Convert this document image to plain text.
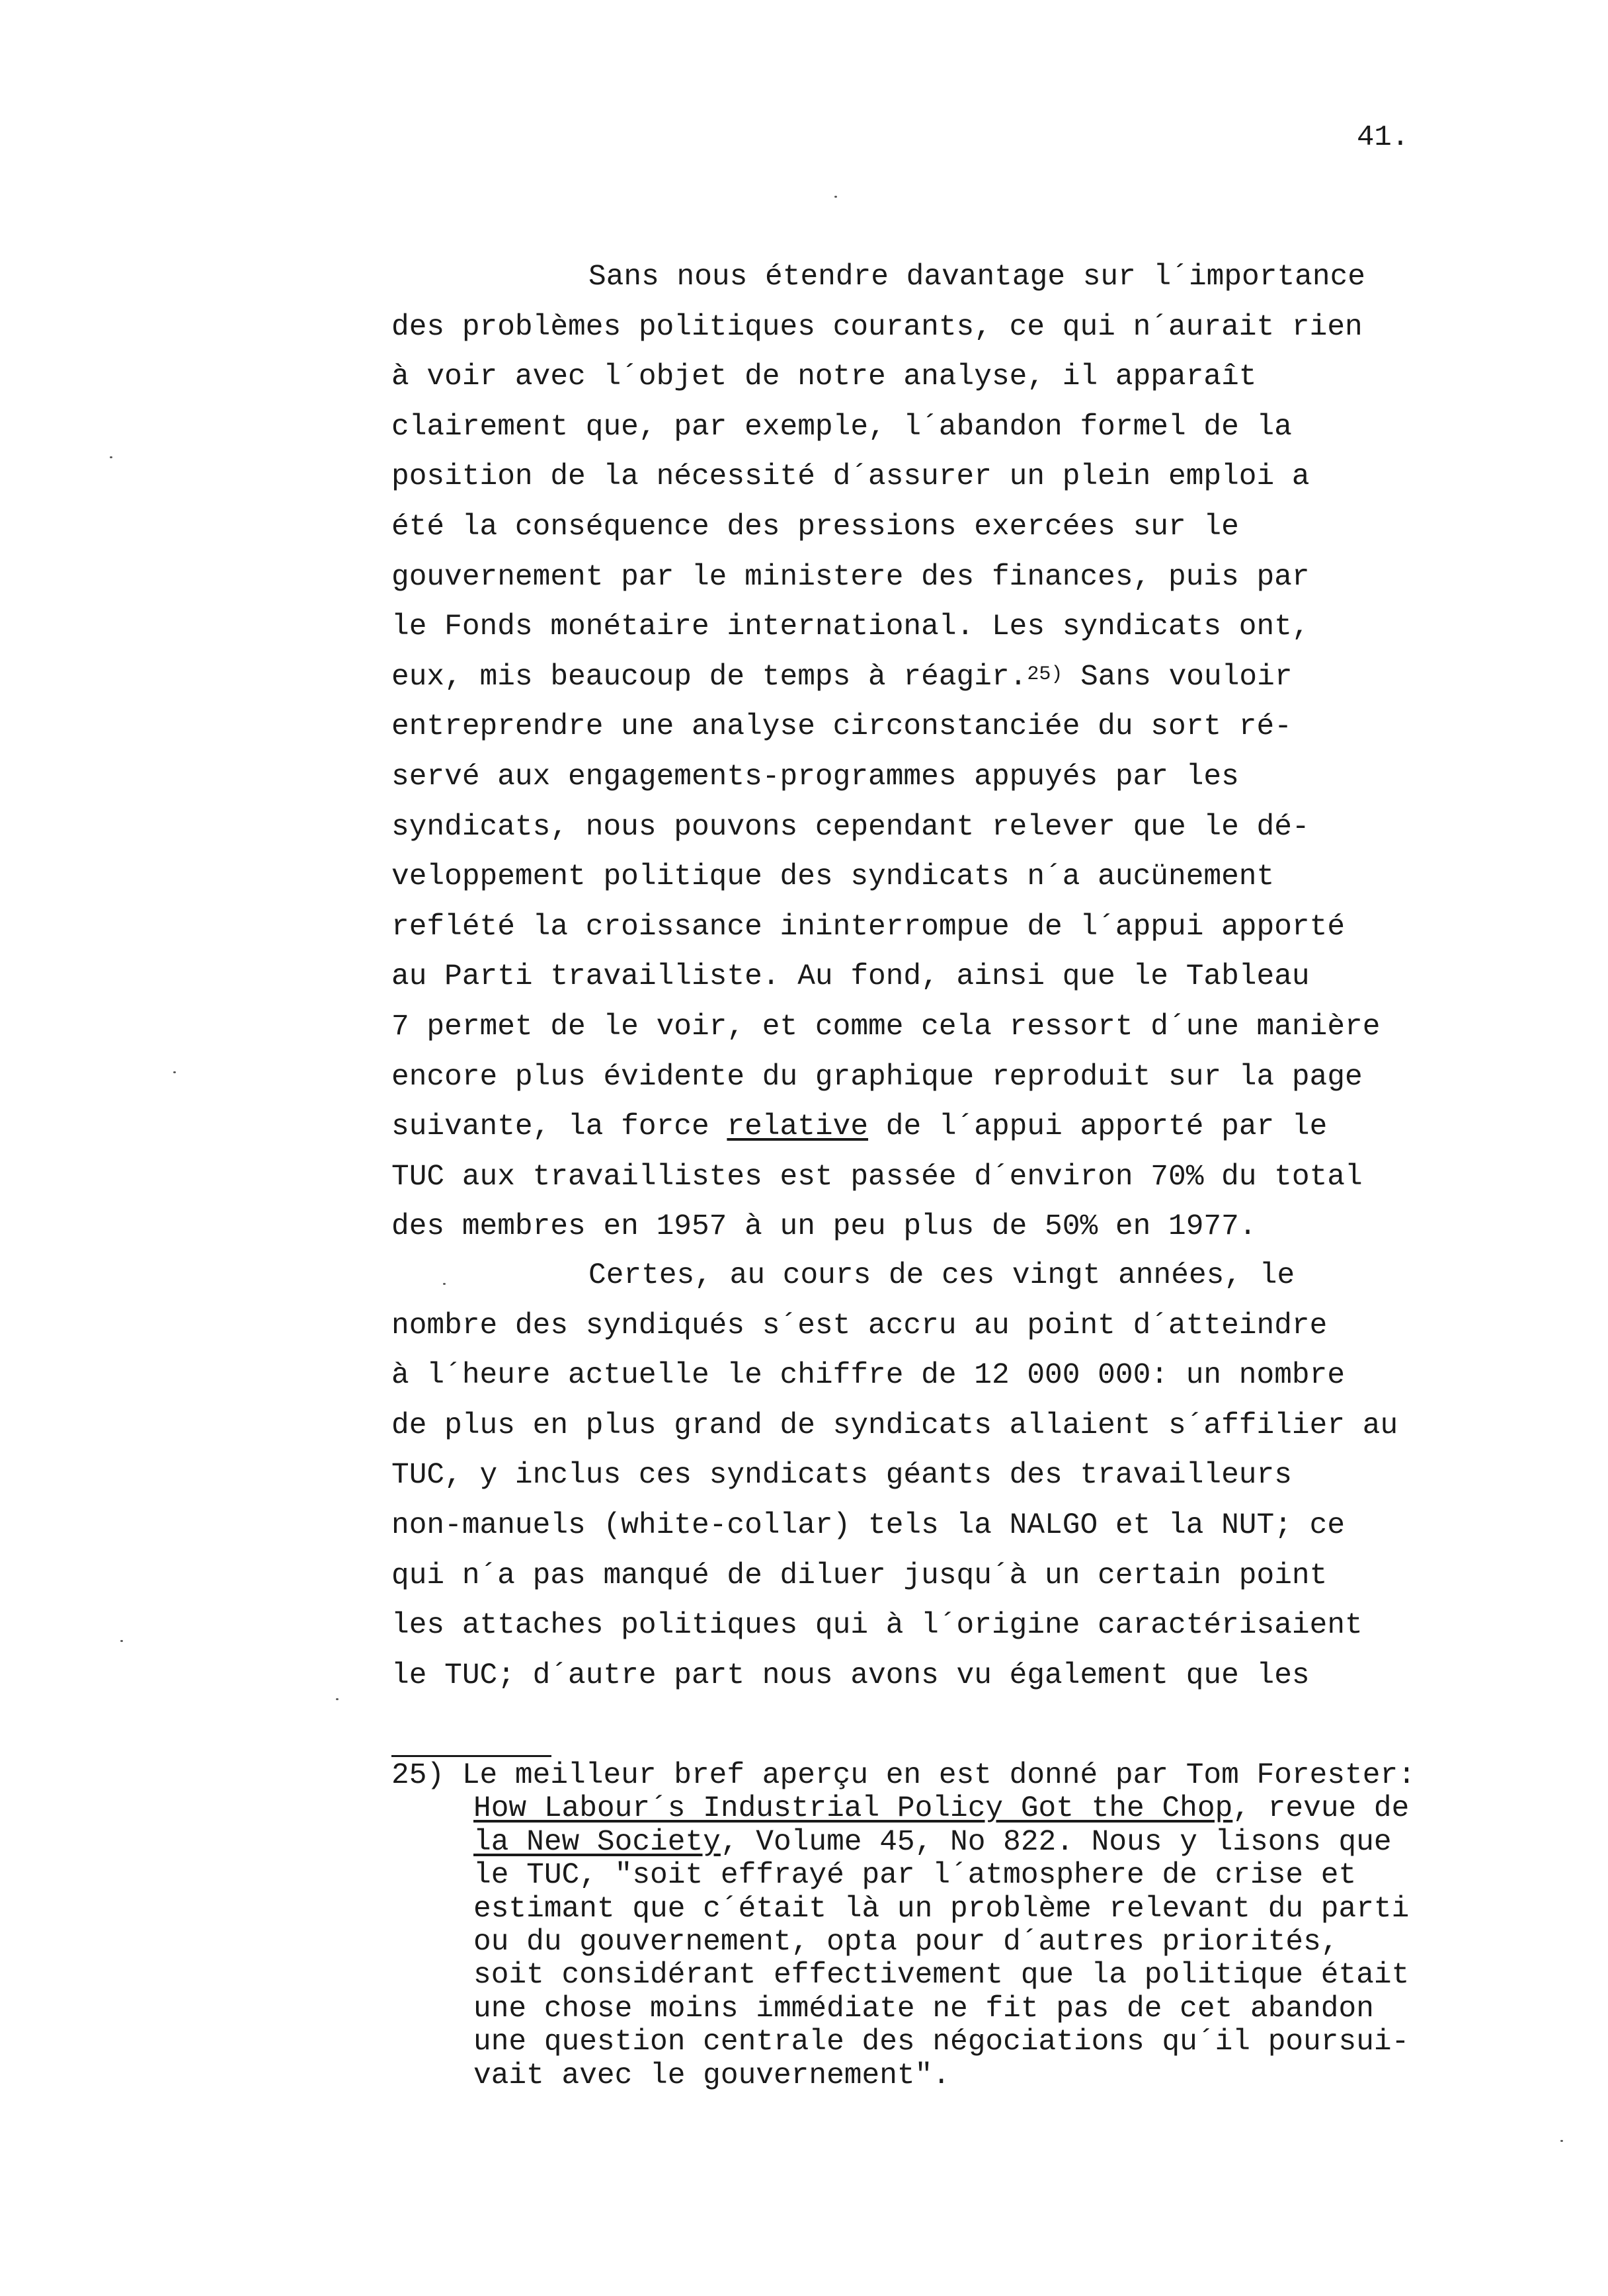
41.
Sans nous étendre davantage sur l´importance
des problèmes politiques courants, ce qui n´aurait rien
à voir avec l´objet de notre analyse, il apparaît
clairement que, par exemple, l´abandon formel de la
position de la nécessité d´assurer un plein emploi a
été la conséquence des pressions exercées sur le
gouvernement par le ministere des finances, puis par
le Fonds monétaire international. Les syndicats ont,
eux, mis beaucoup de temps à réagir.$^{25)}$ Sans vouloir
entreprendre une analyse circonstanciée du sort ré-
servé aux engagements-programmes appuyés par les
syndicats, nous pouvons cependant relever que le dé-
veloppement politique des syndicats n´a aucünement
reflété la croissance ininterrompue de l´appui apporté
au Parti travailliste. Au fond, ainsi que le Tableau
7 permet de le voir, et comme cela ressort d´une manière
encore plus évidente du graphique reproduit sur la page
suivante, la force relative de l´appui apporté par le
TUC aux travaillistes est passée d´environ 70% du total
des membres en 1957 à un peu plus de 50% en 1977.
Certes, au cours de ces vingt années, le
nombre des syndiqués s´est accru au point d´atteindre
à l´heure actuelle le chiffre de 12 000 000: un nombre
de plus en plus grand de syndicats allaient s´affilier au
TUC, y inclus ces syndicats géants des travailleurs
non-manuels (white-collar) tels la NALGO et la NUT; ce
qui n´a pas manqué de diluer jusqu´à un certain point
les attaches politiques qui à l´origine caractérisaient
le TUC; d´autre part nous avons vu également que les
25) Le meilleur bref aperçu en est donné par Tom Forester:
How Labour´s Industrial Policy Got the Chop, revue de
la New Society, Volume 45, No 822. Nous y lisons que
le TUC, "soit effrayé par l´atmosphere de crise et
estimant que c´était là un problème relevant du parti
ou du gouvernement, opta pour d´autres priorités,
soit considérant effectivement que la politique était
une chose moins immédiate ne fit pas de cet abandon
une question centrale des négociations qu´il poursui-
vait avec le gouvernement".
